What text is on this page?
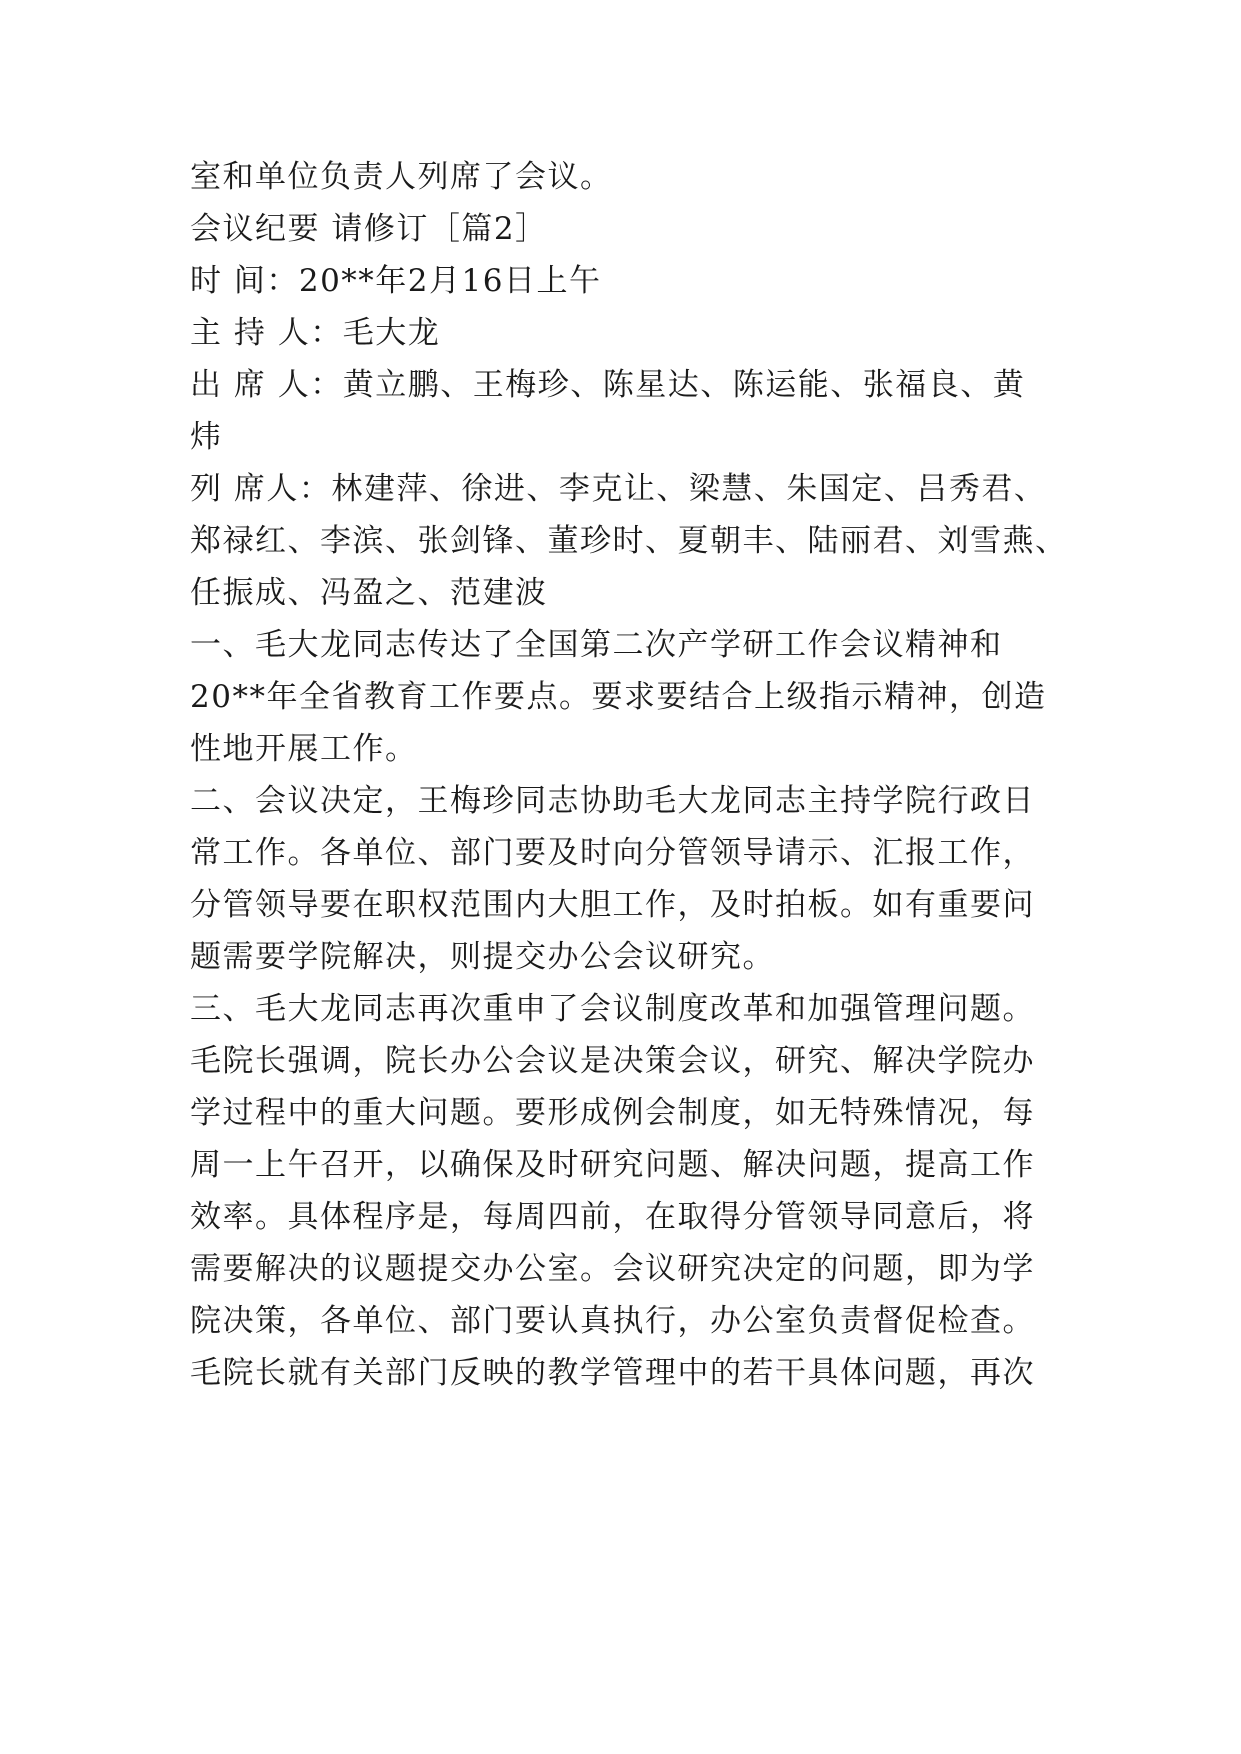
室和单位负责人列席了会议。
会议纪要 请修订［篇2］
时 间：20**年2月16日上午
主 持 人：毛大龙
出 席 人：黄立鹏、王梅珍、陈星达、陈运能、张福良、黄
炜
列 席人：林建萍、徐进、李克让、梁慧、朱国定、吕秀君、
郑禄红、李滨、张剑锋、董珍时、夏朝丰、陆丽君、刘雪燕、
任振成、冯盈之、范建波
一、毛大龙同志传达了全国第二次产学研工作会议精神和
20**年全省教育工作要点。要求要结合上级指示精神，创造
性地开展工作。
二、会议决定，王梅珍同志协助毛大龙同志主持学院行政日
常工作。各单位、部门要及时向分管领导请示、汇报工作，
分管领导要在职权范围内大胆工作，及时拍板。如有重要问
题需要学院解决，则提交办公会议研究。
三、毛大龙同志再次重申了会议制度改革和加强管理问题。
毛院长强调，院长办公会议是决策会议，研究、解决学院办
学过程中的重大问题。要形成例会制度，如无特殊情况，每
周一上午召开，以确保及时研究问题、解决问题，提高工作
效率。具体程序是，每周四前，在取得分管领导同意后，将
需要解决的议题提交办公室。会议研究决定的问题，即为学
院决策，各单位、部门要认真执行，办公室负责督促检查。
毛院长就有关部门反映的教学管理中的若干具体问题，再次
